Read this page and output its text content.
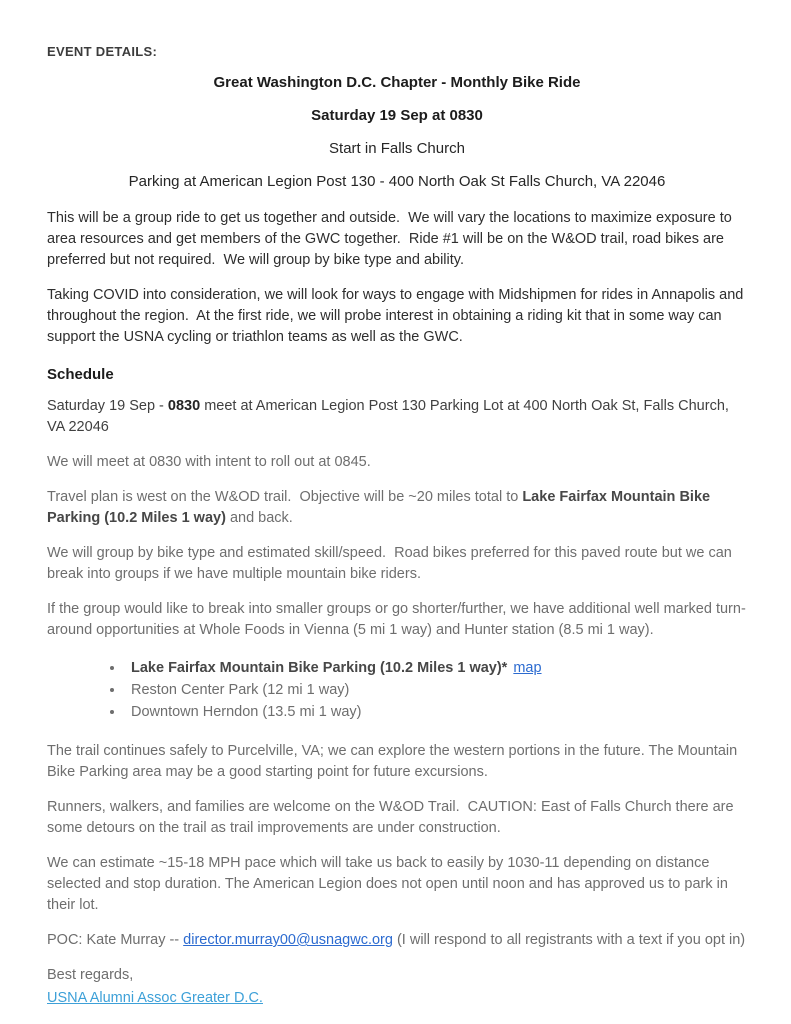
EVENT DETAILS:

Great Washington D.C. Chapter - Monthly Bike Ride

Saturday 19 Sep at 0830

Start in Falls Church

Parking at American Legion Post 130 - 400 North Oak St Falls Church, VA 22046

This will be a group ride to get us together and outside.  We will vary the locations to maximize exposure to area resources and get members of the GWC together.  Ride #1 will be on the W&OD trail, road bikes are preferred but not required.  We will group by bike type and ability.

Taking COVID into consideration, we will look for ways to engage with Midshipmen for rides in Annapolis and throughout the region.  At the first ride, we will probe interest in obtaining a riding kit that in some way can support the USNA cycling or triathlon teams as well as the GWC.

Schedule

Saturday 19 Sep - 0830 meet at American Legion Post 130 Parking Lot at 400 North Oak St, Falls Church, VA 22046

We will meet at 0830 with intent to roll out at 0845.

Travel plan is west on the W&OD trail.  Objective will be ~20 miles total to Lake Fairfax Mountain Bike Parking (10.2 Miles 1 way) and back.

We will group by bike type and estimated skill/speed.  Road bikes preferred for this paved route but we can break into groups if we have multiple mountain bike riders.

If the group would like to break into smaller groups or go shorter/further, we have additional well marked turn-around opportunities at Whole Foods in Vienna (5 mi 1 way) and Hunter station (8.5 mi 1 way).

• Lake Fairfax Mountain Bike Parking (10.2 Miles 1 way)* map
• Reston Center Park (12 mi 1 way)
• Downtown Herndon (13.5 mi 1 way)

The trail continues safely to Purcelville, VA; we can explore the western portions in the future. The Mountain Bike Parking area may be a good starting point for future excursions.

Runners, walkers, and families are welcome on the W&OD Trail.  CAUTION: East of Falls Church there are some detours on the trail as trail improvements are under construction.

We can estimate ~15-18 MPH pace which will take us back to easily by 1030-11 depending on distance selected and stop duration. The American Legion does not open until noon and has approved us to park in their lot.

POC: Kate Murray -- director.murray00@usnagwc.org (I will respond to all registrants with a text if you opt in)

Best regards,

USNA Alumni Assoc Greater D.C.
